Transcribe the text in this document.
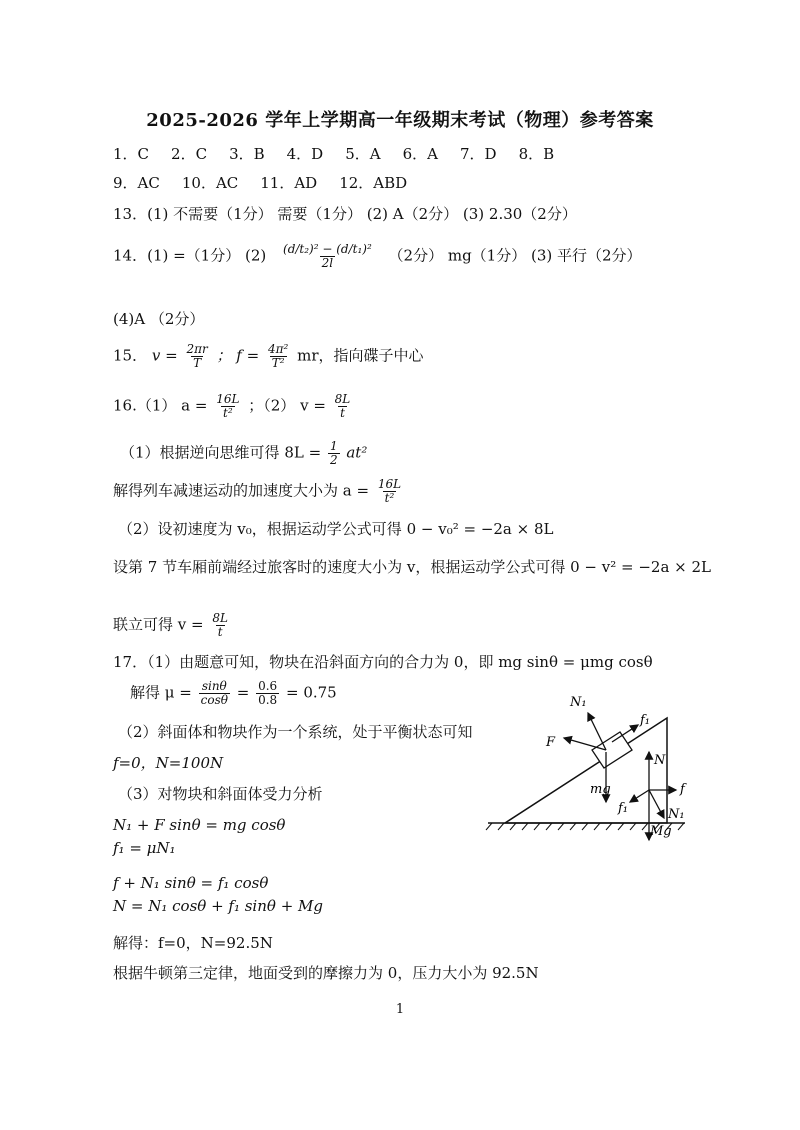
2025-2026 学年上学期高一年级期末考试（物理）参考答案
1．C 2．C 3．B 4．D 5．A 6．A 7．D 8．B
9．AC 10．AC 11．AD 12．ABD
13．(1) 不需要（1分） 需要（1分） (2) A（2分） (3) 2.30（2分）
14．(1) =（1分） $(2) \frac{\text{(d/t₂)² − (d/t₁)²}}{2l} (2$分） mg（1分） (3) 平行（2分）
(4)A （2分）
15． $v = \frac{2\pi r}{T}$ ； $f = \frac{\text{4π²}}{\text{T²}}$ mr，指向碟子中心
16.（1） $a = \frac{16L}{\text{t²}}$ ；（2） $v = \frac{8L}{t}$
（1）根据逆向思维可得 $8L = \frac{1}{2} at^2$
解得列车减速运动的加速度大小为 $a = \frac{16L}{\text{t²}}$
（2）设初速度为 v₀，根据运动学公式可得 0 − v₀² = −2a × 8L
设第 7 节车厢前端经过旅客时的速度大小为 v，根据运动学公式可得 0 − v² = −2a × 2L
联立可得 $v = \frac{8L}{t}$
17．（1）由题意可知，物块在沿斜面方向的合力为 0，即 mg sinθ = μmg cosθ
解得 $\mu = \frac{\sin\theta}{\cos\theta} = \frac{0.6}{0.8} = 0.75$
（2）斜面体和物块作为一个系统，处于平衡状态可知
f=0，N=100N
（3）对物块和斜面体受力分析
N₁ + F sinθ = mg cosθ
f₁ = μN₁
f + N₁ sinθ = f₁ cosθ
N = N₁ cosθ + f₁ sinθ + Mg
解得：f=0，N=92.5N
根据牛顿第三定律，地面受到的摩擦力为 0，压力大小为 92.5N
N₁
f₁
F
N
mg	f
f₁	N₁
Mg
1
